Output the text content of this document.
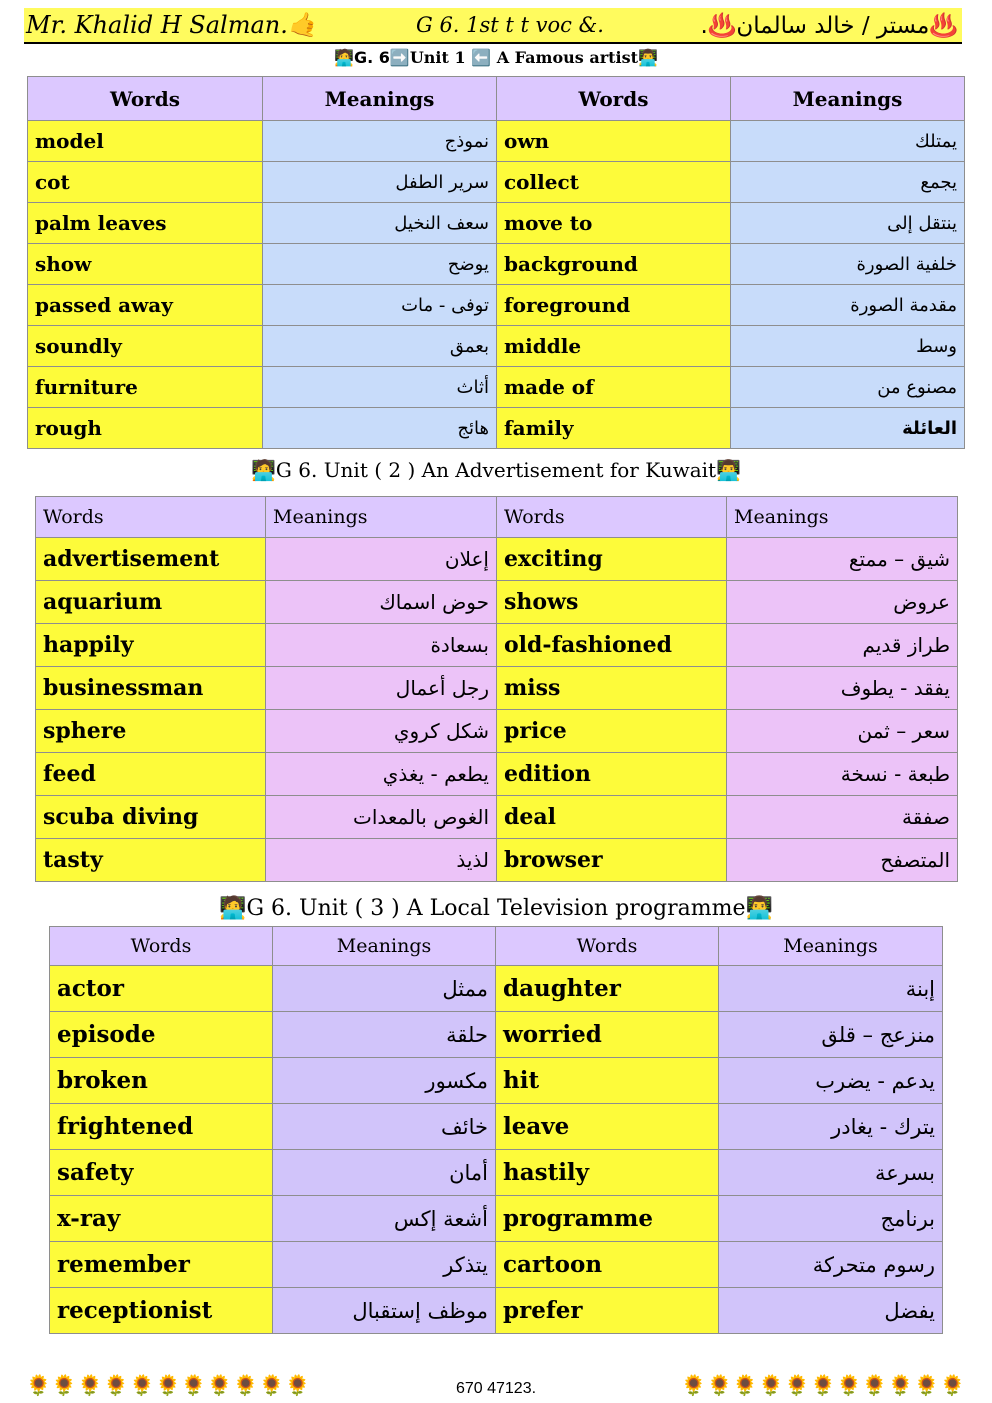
Mr. Khalid H Salman.🤙	G 6. 1st t t voc &.	♨️مستر / خالد سالمان♨️.
🧑‍💻G. 6➡️Unit 1 ⬅️ A Famous artist👨‍💻
Words	Meanings	Words	Meanings
model	نموذج	own	يمتلك
cot	سرير الطفل	collect	يجمع
palm leaves	سعف النخيل	move to	ينتقل إلى
show	يوضح	background	خلفية الصورة
passed away	توفى - مات	foreground	مقدمة الصورة
soundly	بعمق	middle	وسط
furniture	أثاث	made of	مصنوع من
rough	هائج	family	العائلة
🧑‍💻G 6. Unit ( 2 ) An Advertisement for Kuwait👨‍💻
Words	Meanings	Words	Meanings
advertisement	إعلان	exciting	شيق – ممتع
aquarium	حوض اسماك	shows	عروض
happily	بسعادة	old-fashioned	طراز قديم
businessman	رجل أعمال	miss	يفقد - يطوف
sphere	شكل كروي	price	سعر – ثمن
feed	يطعم - يغذي	edition	طبعة - نسخة
scuba diving	الغوص بالمعدات	deal	صفقة
tasty	لذيذ	browser	المتصفح
🧑‍💻G 6. Unit ( 3 ) A Local Television programme👨‍💻
Words	Meanings	Words	Meanings
actor	ممثل	daughter	إبنة
episode	حلقة	worried	منزعج – قلق
broken	مكسور	hit	يدعم - يضرب
frightened	خائف	leave	يترك - يغادر
safety	أمان	hastily	بسرعة
x-ray	أشعة إكس	programme	برنامج
remember	يتذكر	cartoon	رسوم متحركة
receptionist	موظف إستقبال	prefer	يفضل
🌻🌻🌻🌻🌻🌻🌻🌻🌻🌻🌻	670 47123.	🌻🌻🌻🌻🌻🌻🌻🌻🌻🌻🌻
